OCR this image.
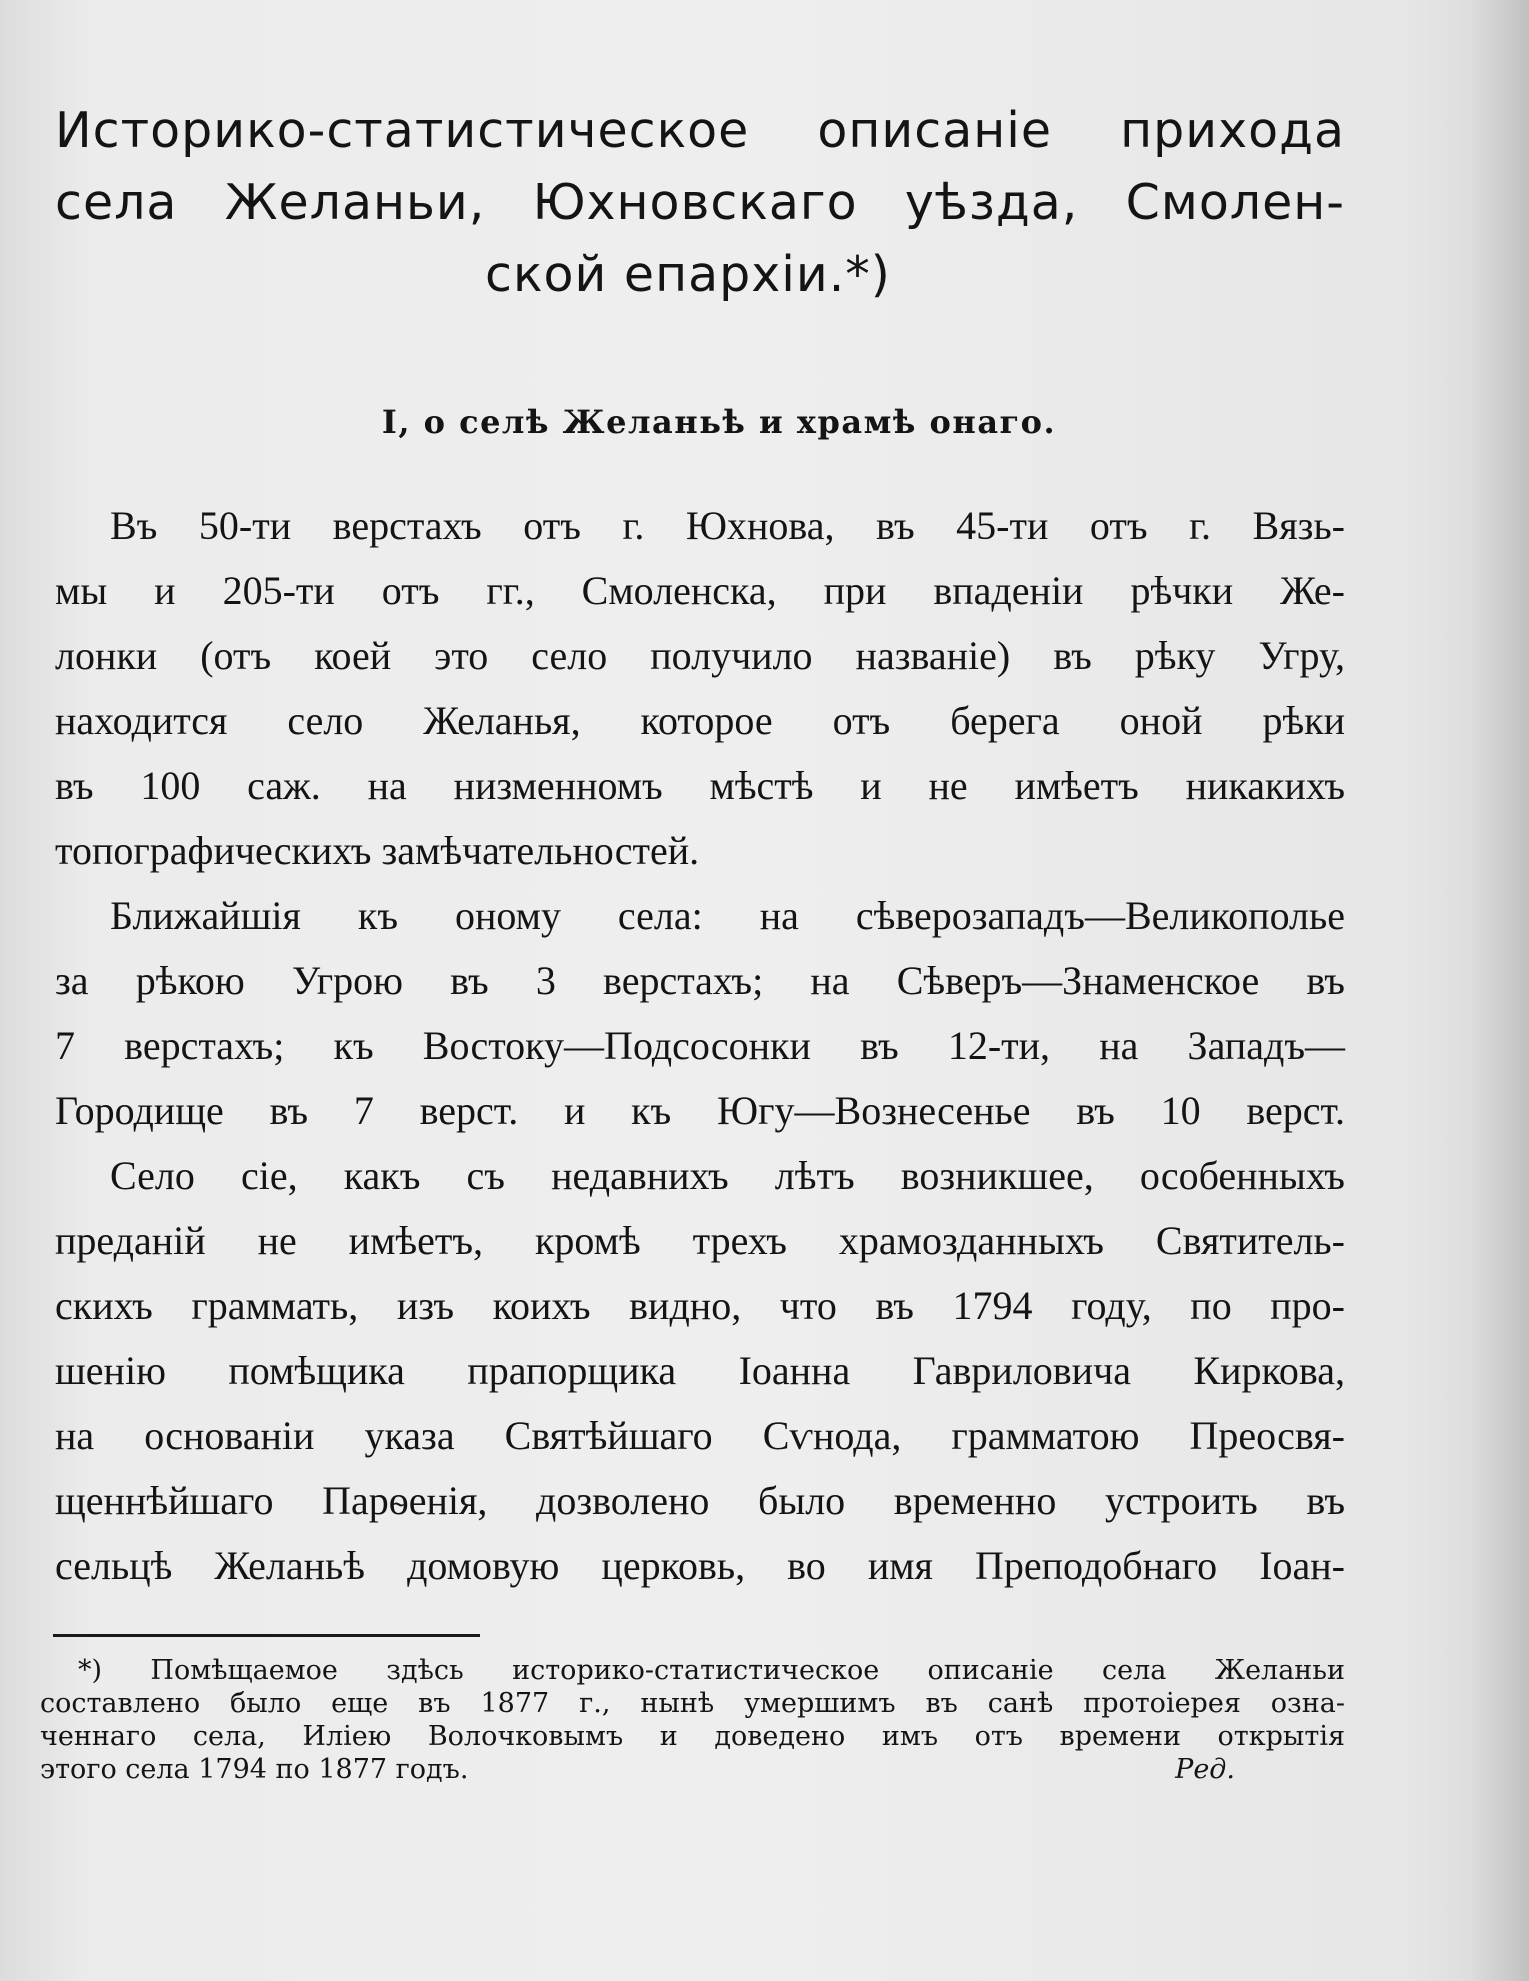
Историко-статистическое описаніе прихода
села Желаньи, Юхновскаго уѣзда, Смолен-
ской епархіи.*)
I, о селѣ Желаньѣ и храмѣ онаго.
Въ 50-ти верстахъ отъ г. Юхнова, въ 45-ти отъ г. Вязь-
мы и 205-ти отъ гг., Смоленска, при впаденіи рѣчки Же-
лонки (отъ коей это село получило названіе) въ рѣку Угру,
находится село Желанья, которое отъ берега оной рѣки
въ 100 саж. на низменномъ мѣстѣ и не имѣетъ никакихъ
топографическихъ замѣчательностей.
Ближайшія къ оному села: на сѣверозападъ—Великополье
за рѣкою Угрою въ 3 верстахъ; на Сѣверъ—Знаменское въ
7 верстахъ; къ Востоку—Подсосонки въ 12-ти, на Западъ—
Городище въ 7 верст. и къ Югу—Вознесенье въ 10 верст.
Село сіе, какъ съ недавнихъ лѣтъ возникшее, особенныхъ
преданій не имѣетъ, кромѣ трехъ храмозданныхъ Святитель-
скихъ граммать, изъ коихъ видно, что въ 1794 году, по про-
шенію помѣщика прапорщика Іоанна Гавриловича Киркова,
на основаніи указа Святѣйшаго Сѵнода, грамматою Преосвя-
щеннѣйшаго Парѳенія, дозволено было временно устроить въ
сельцѣ Желаньѣ домовую церковь, во имя Преподобнаго Іоан-
*) Помѣщаемое здѣсь историко-статистическое описаніе села Желаньи
составлено было еще въ 1877 г., нынѣ умершимъ въ санѣ протоіерея озна-
ченнаго села, Иліею Волочковымъ и доведено имъ отъ времени открытія
этого села 1794 по 1877 годъ.	Ред.
